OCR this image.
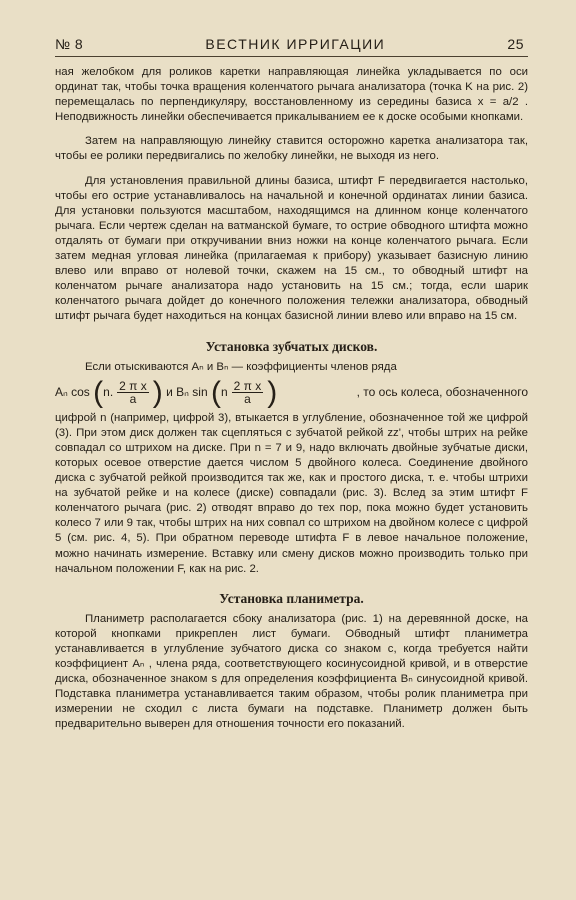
№ 8	ВЕСТНИК ИРРИГАЦИИ	25

ная желобком для роликов каретки направляющая линейка укладывается по оси ординат так, чтобы точка вращения коленчатого рычага анализатора (точка K на рис. 2) перемещалась по перпендикуляру, восстановленному из середины базиса x = a/2 . Неподвижность линейки обеспечивается прикалыванием ее к доске особыми кнопками.

Затем на направляющую линейку ставится осторожно каретка анализатора так, чтобы ее ролики передвигались по желобку линейки, не выходя из него.

Для установления правильной длины базиса, штифт F передвигается настолько, чтобы его острие устанавливалось на начальной и конечной ординатах линии базиса. Для установки пользуются масштабом, находящимся на длинном конце коленчатого рычага. Если чертеж сделан на ватманской бумаге, то острие обводного штифта можно отдалять от бумаги при откручивании вниз ножки на конце коленчатого рычага. Если затем медная угловая линейка (прилагаемая к прибору) указывает базисную линию влево или вправо от нолевой точки, скажем на 15 см., то обводный штифт на коленчатом рычаге анализатора надо установить на 15 см.; тогда, если шарик коленчатого рычага дойдет до конечного положения тележки анализатора, обводный штифт рычага будет находиться на концах базисной линии влево или вправо на 15 см.

Установка зубчатых дисков.

Если отыскиваются Aₙ и Bₙ — коэффициенты членов ряда

Aₙ cos (n. $\frac{\text{2 π x}}{a}$ ) и Bₙ $\sin (n \frac{\text{2 π x}}{a}$ )	, то ось колеса, обозначенного

цифрой n (например, цифрой 3), втыкается в углубление, обозначенное той же цифрой (3). При этом диск должен так сцепляться с зубчатой рейкой zz', чтобы штрих на рейке совпадал со штрихом на диске. При n = 7 и 9, надо включать двойные зубчатые диски, которых осевое отверстие дается числом 5 двойного колеса. Соединение двойного диска с зубчатой рейкой производится так же, как и простого диска, т. е. чтобы штрихи на зубчатой рейке и на колесе (диске) совпадали (рис. 3). Вслед за этим штифт F коленчатого рычага (рис. 2) отводят вправо до тех пор, пока можно будет установить колесо 7 или 9 так, чтобы штрих на них совпал со штрихом на двойном колесе с цифрой 5 (см. рис. 4, 5). При обратном переводе штифта F в левое начальное положение, можно начинать измерение. Вставку или смену дисков можно производить только при начальном положении F, как на рис. 2.

Установка планиметра.

Планиметр располагается сбоку анализатора (рис. 1) на деревянной доске, на которой кнопками прикреплен лист бумаги. Обводный штифт планиметра устанавливается в углубление зубчатого диска со знаком c, когда требуется найти коэффициент Aₙ , члена ряда, соответствующего косинусоидной кривой, и в отверстие диска, обозначенное знаком s для определения коэффициента Bₙ синусоидной кривой. Подставка планиметра устанавливается таким образом, чтобы ролик планиметра при измерении не сходил с листа бумаги на подставке. Планиметр должен быть предварительно выверен для отношения точности его показаний.
